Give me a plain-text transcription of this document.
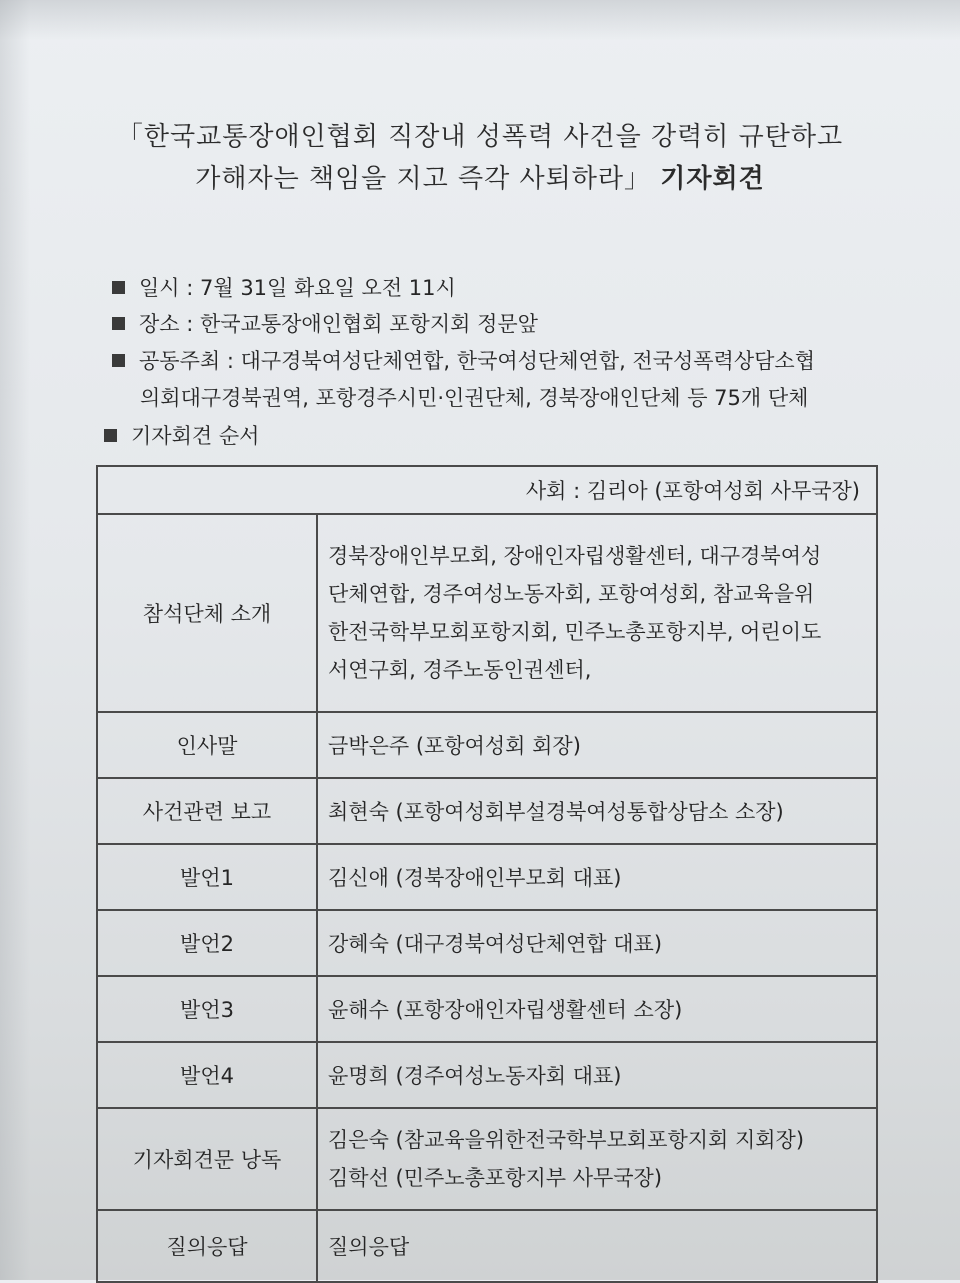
「한국교통장애인협회 직장내 성폭력 사건을 강력히 규탄하고
가해자는 책임을 지고 즉각 사퇴하라」 기자회견
일시 : 7월 31일 화요일 오전 11시
장소 : 한국교통장애인협회 포항지회 정문앞
공동주최 : 대구경북여성단체연합, 한국여성단체연합, 전국성폭력상담소협
의회대구경북권역, 포항경주시민·인권단체, 경북장애인단체 등 75개 단체
기자회견 순서
사회 : 김리아 (포항여성회 사무국장)	
참석단체 소개	경북장애인부모회, 장애인자립생활센터, 대구경북여성
단체연합, 경주여성노동자회, 포항여성회, 참교육을위
한전국학부모회포항지회, 민주노총포항지부, 어린이도
서연구회, 경주노동인권센터,

인사말	금박은주 (포항여성회 회장)
사건관련 보고	최현숙 (포항여성회부설경북여성통합상담소 소장)
발언1	김신애 (경북장애인부모회 대표)
발언2	강혜숙 (대구경북여성단체연합 대표)
발언3	윤해수 (포항장애인자립생활센터 소장)
발언4	윤명희 (경주여성노동자회 대표)
기자회견문 낭독	김은숙 (참교육을위한전국학부모회포항지회 지회장)
김학선 (민주노총포항지부 사무국장)

질의응답	질의응답
